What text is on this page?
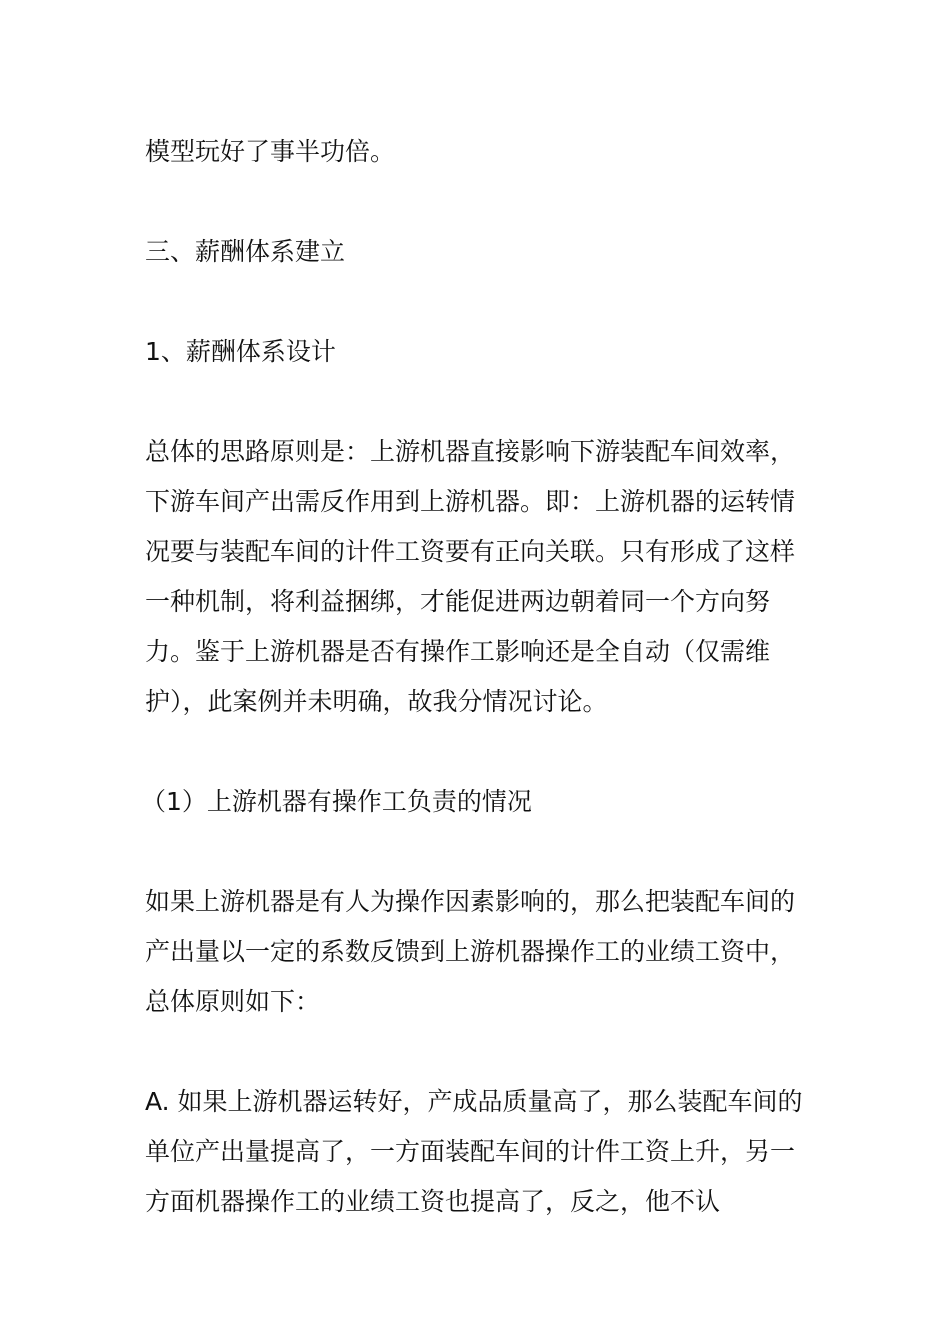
模型玩好了事半功倍。

三、薪酬体系建立

1、薪酬体系设计

总体的思路原则是：上游机器直接影响下游装配车间效率，下游车间产出需反作用到上游机器。即：上游机器的运转情况要与装配车间的计件工资要有正向关联。只有形成了这样一种机制，将利益捆绑，才能促进两边朝着同一个方向努力。鉴于上游机器是否有操作工影响还是全自动（仅需维护），此案例并未明确，故我分情况讨论。

（1）上游机器有操作工负责的情况

如果上游机器是有人为操作因素影响的，那么把装配车间的产出量以一定的系数反馈到上游机器操作工的业绩工资中，总体原则如下：

A. 如果上游机器运转好，产成品质量高了，那么装配车间的单位产出量提高了，一方面装配车间的计件工资上升，另一方面机器操作工的业绩工资也提高了，反之，他不认
